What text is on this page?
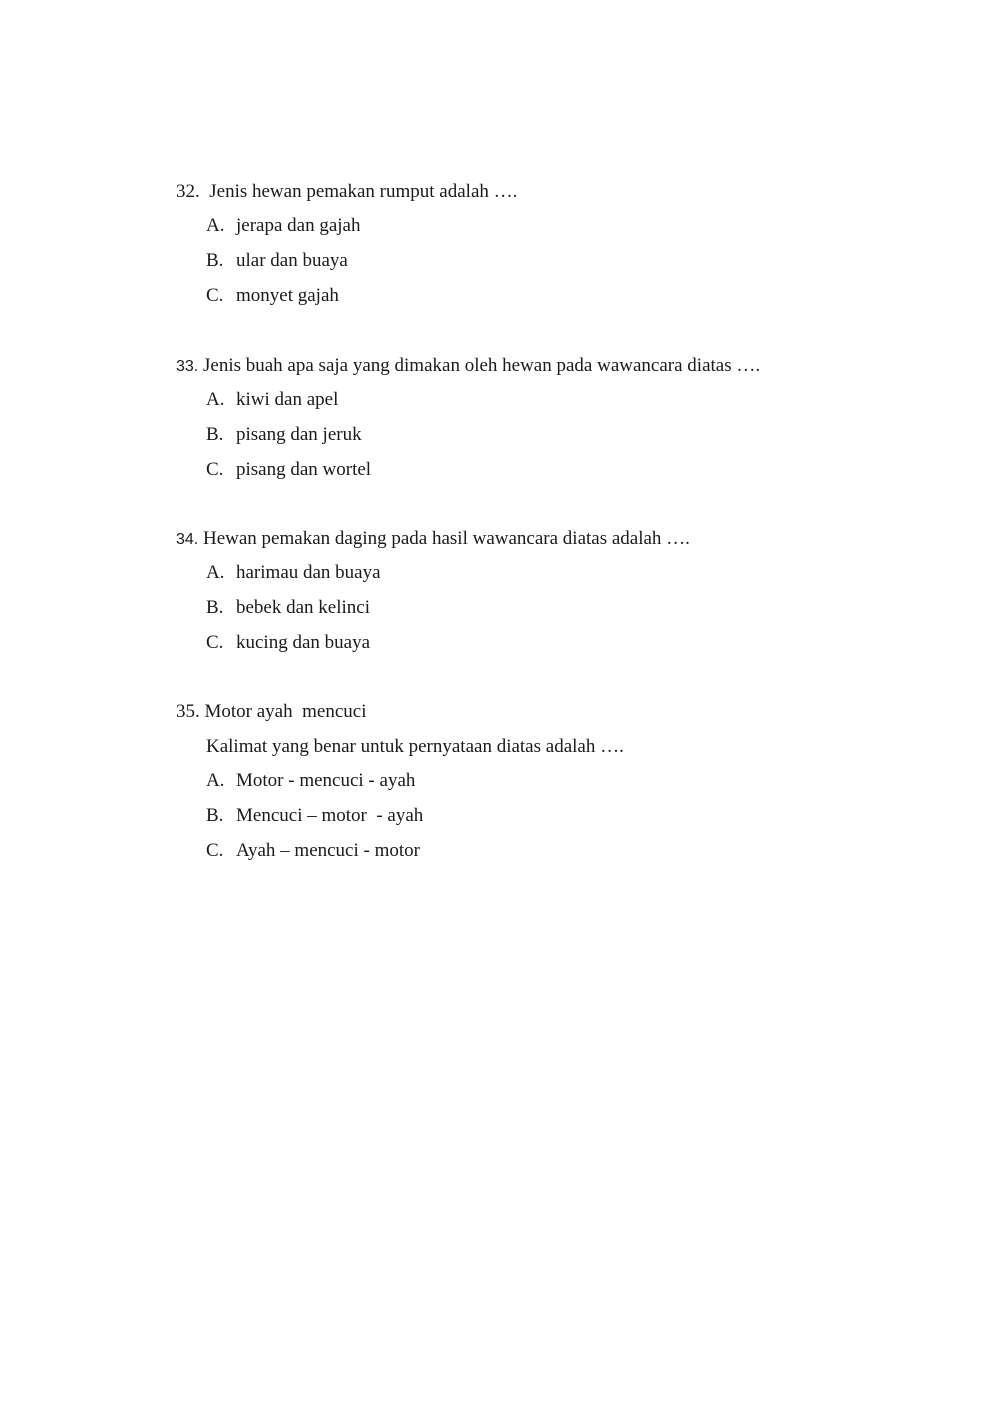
32. Jenis hewan pemakan rumput adalah ….

A. jerapa dan gajah

B. ular dan buaya

C. monyet gajah

33. Jenis buah apa saja yang dimakan oleh hewan pada wawancara diatas ….

A. kiwi dan apel

B. pisang dan jeruk

C. pisang dan wortel

34. Hewan pemakan daging pada hasil wawancara diatas adalah ….

A. harimau dan buaya

B. bebek dan kelinci

C. kucing dan buaya

35. Motor ayah  mencuci

Kalimat yang benar untuk pernyataan diatas adalah ….

A. Motor - mencuci - ayah

B. Mencuci – motor  - ayah

C. Ayah – mencuci - motor
